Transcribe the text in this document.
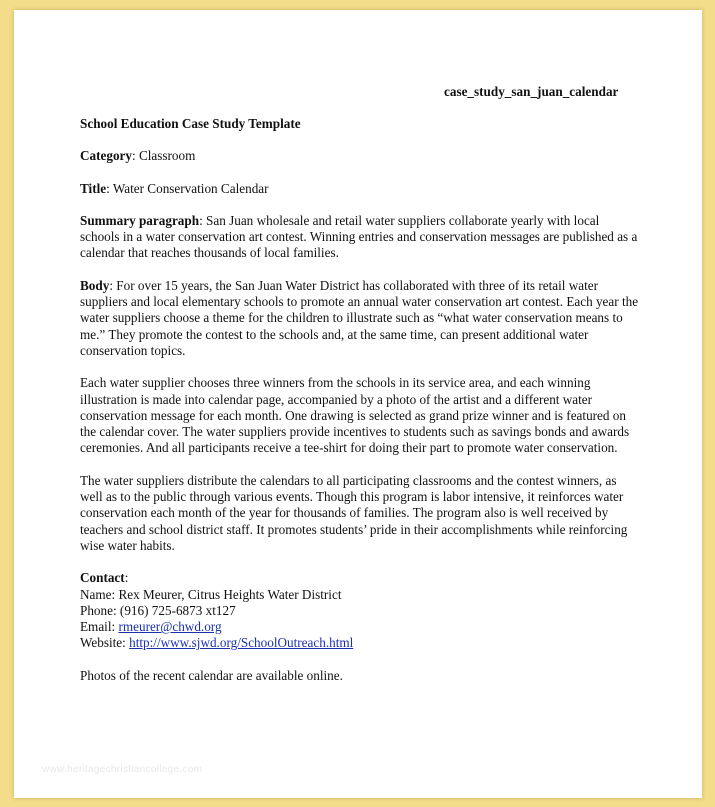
case_study_san_juan_calendar

School Education Case Study Template

Category: Classroom

Title: Water Conservation Calendar

Summary paragraph: San Juan wholesale and retail water suppliers collaborate yearly with local schools in a water conservation art contest. Winning entries and conservation messages are published as a calendar that reaches thousands of local families.

Body: For over 15 years, the San Juan Water District has collaborated with three of its retail water suppliers and local elementary schools to promote an annual water conservation art contest. Each year the water suppliers choose a theme for the children to illustrate such as “what water conservation means to me.” They promote the contest to the schools and, at the same time, can present additional water conservation topics.

Each water supplier chooses three winners from the schools in its service area, and each winning illustration is made into calendar page, accompanied by a photo of the artist and a different water conservation message for each month. One drawing is selected as grand prize winner and is featured on the calendar cover. The water suppliers provide incentives to students such as savings bonds and awards ceremonies. And all participants receive a tee-shirt for doing their part to promote water conservation.

The water suppliers distribute the calendars to all participating classrooms and the contest winners, as well as to the public through various events. Though this program is labor intensive, it reinforces water conservation each month of the year for thousands of families. The program also is well received by teachers and school district staff. It promotes students’ pride in their accomplishments while reinforcing wise water habits.

Contact:
Name: Rex Meurer, Citrus Heights Water District
Phone: (916) 725-6873 xt127
Email: rmeurer@chwd.org
Website: http://www.sjwd.org/SchoolOutreach.html

Photos of the recent calendar are available online.

www.heritagechristiancollege.com
